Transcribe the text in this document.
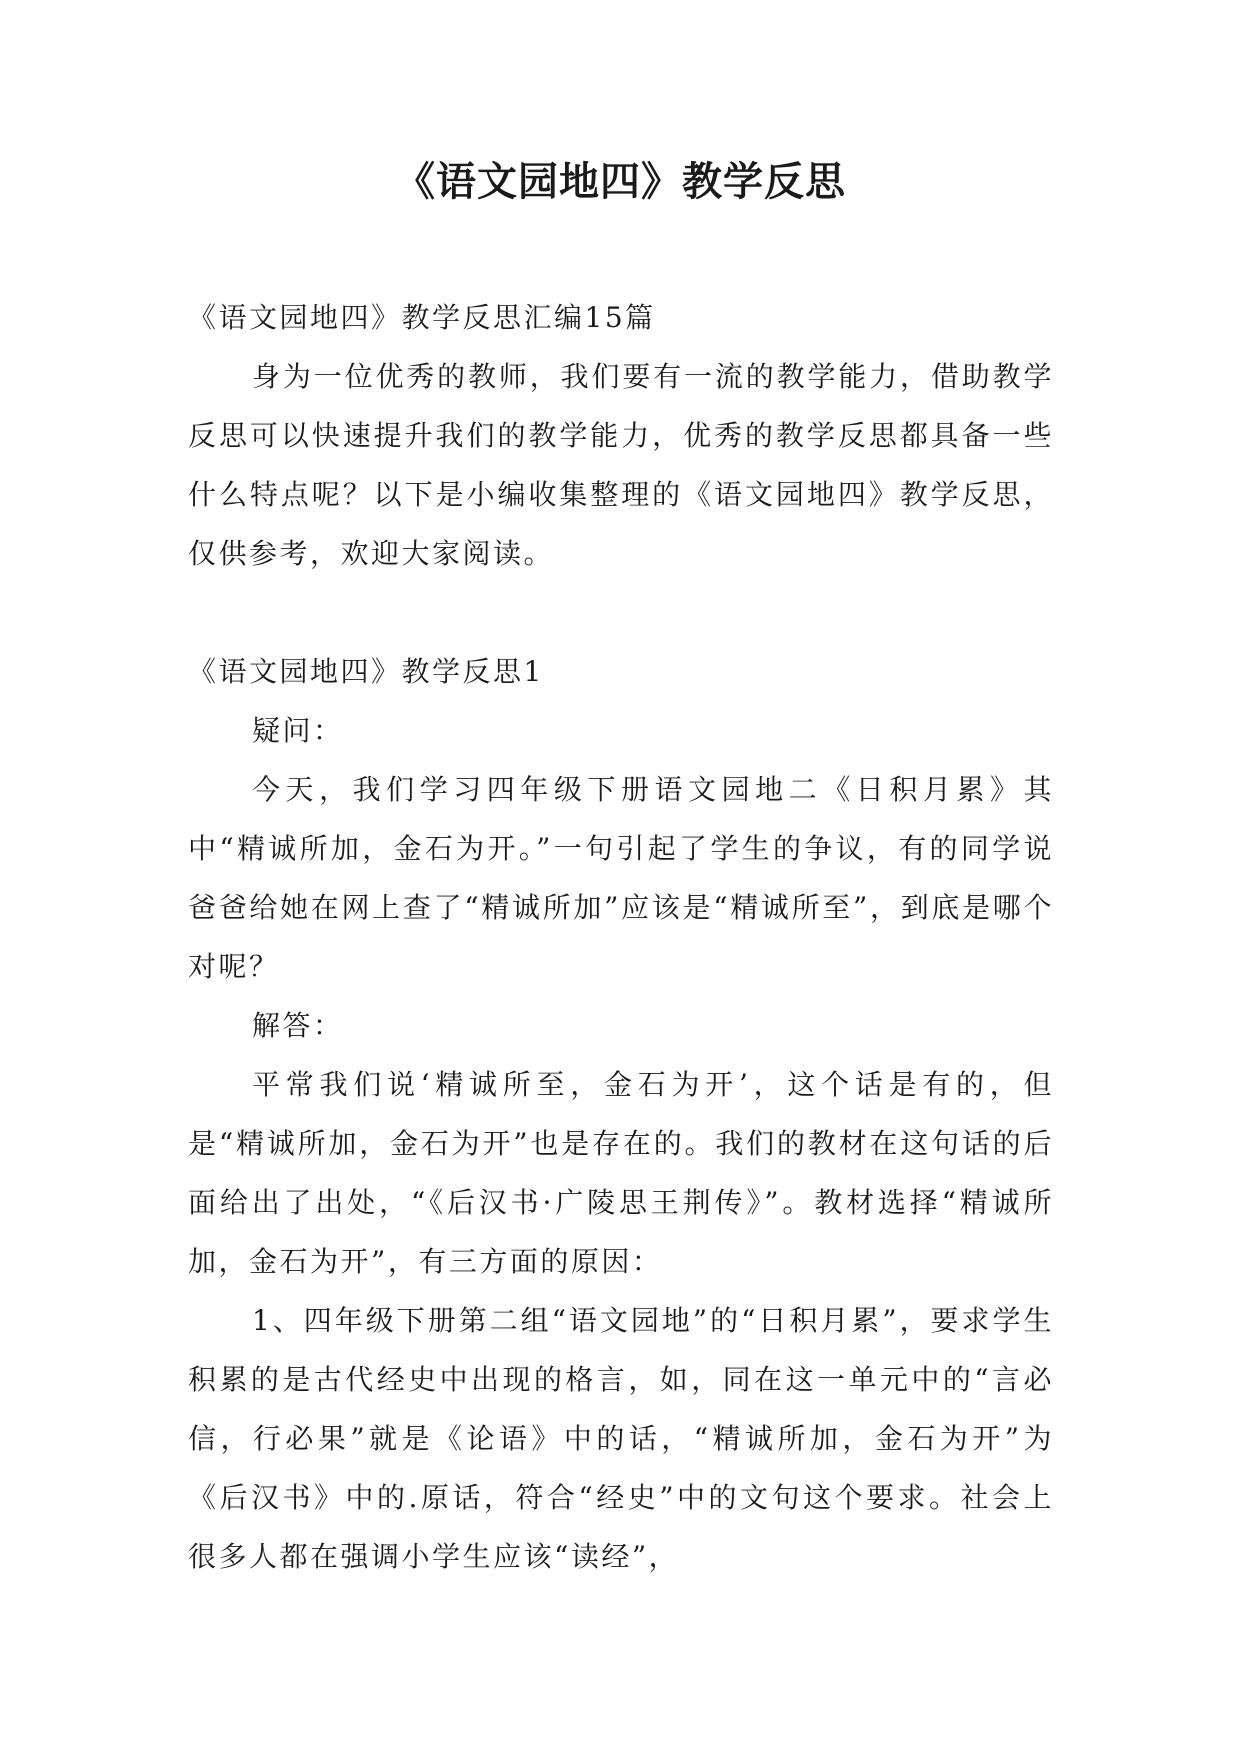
《语文园地四》教学反思

《语文园地四》教学反思汇编15篇

身为一位优秀的教师，我们要有一流的教学能力，借助教学反思可以快速提升我们的教学能力，优秀的教学反思都具备一些什么特点呢？以下是小编收集整理的《语文园地四》教学反思，仅供参考，欢迎大家阅读。

《语文园地四》教学反思1

疑问：

今天，我们学习四年级下册语文园地二《日积月累》其中“精诚所加，金石为开。”一句引起了学生的争议，有的同学说爸爸给她在网上查了“精诚所加”应该是“精诚所至”，到底是哪个对呢？

解答：

平常我们说‘精诚所至，金石为开’，这个话是有的，但是“精诚所加，金石为开”也是存在的。我们的教材在这句话的后面给出了出处，“《后汉书·广陵思王荆传》”。教材选择“精诚所加，金石为开”，有三方面的原因：

1、四年级下册第二组“语文园地”的“日积月累”，要求学生积累的是古代经史中出现的格言，如，同在这一单元中的“言必信，行必果”就是《论语》中的话，“精诚所加，金石为开”为《后汉书》中的.原话，符合“经史”中的文句这个要求。社会上很多人都在强调小学生应该“读经”，
